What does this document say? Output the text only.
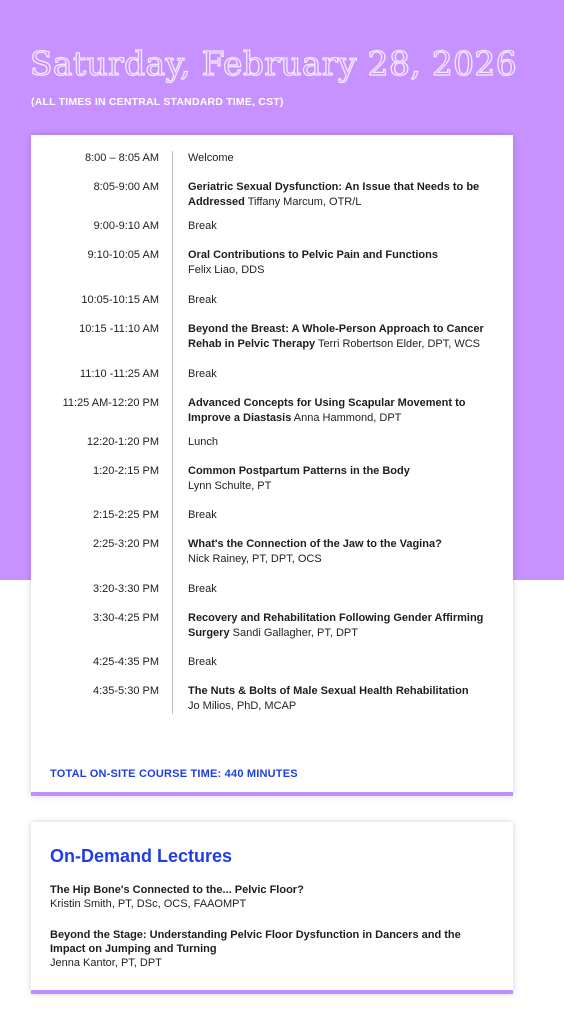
Saturday, February 28, 2026

(ALL TIMES IN CENTRAL STANDARD TIME, CST)

8:00 – 8:05 AM	Welcome
8:05-9:00 AM	Geriatric Sexual Dysfunction: An Issue that Needs to be Addressed Tiffany Marcum, OTR/L
9:00-9:10 AM	Break
9:10-10:05 AM	Oral Contributions to Pelvic Pain and Functions
Felix Liao, DDS
10:05-10:15 AM	Break
10:15 -11:10 AM	Beyond the Breast: A Whole-Person Approach to Cancer Rehab in Pelvic Therapy Terri Robertson Elder, DPT, WCS
11:10 -11:25 AM	Break
11:25 AM-12:20 PM	Advanced Concepts for Using Scapular Movement to Improve a Diastasis Anna Hammond, DPT
12:20-1:20 PM	Lunch
1:20-2:15 PM	Common Postpartum Patterns in the Body
Lynn Schulte, PT
2:15-2:25 PM	Break
2:25-3:20 PM	What's the Connection of the Jaw to the Vagina?
Nick Rainey, PT, DPT, OCS
3:20-3:30 PM	Break
3:30-4:25 PM	Recovery and Rehabilitation Following Gender Affirming Surgery Sandi Gallagher, PT, DPT
4:25-4:35 PM	Break
4:35-5:30 PM	The Nuts & Bolts of Male Sexual Health Rehabilitation
Jo Milios, PhD, MCAP

TOTAL ON-SITE COURSE TIME: 440 MINUTES

On-Demand Lectures
The Hip Bone's Connected to the... Pelvic Floor?
Kristin Smith, PT, DSc, OCS, FAAOMPT
Beyond the Stage: Understanding Pelvic Floor Dysfunction in Dancers and the Impact on Jumping and Turning
Jenna Kantor, PT, DPT
